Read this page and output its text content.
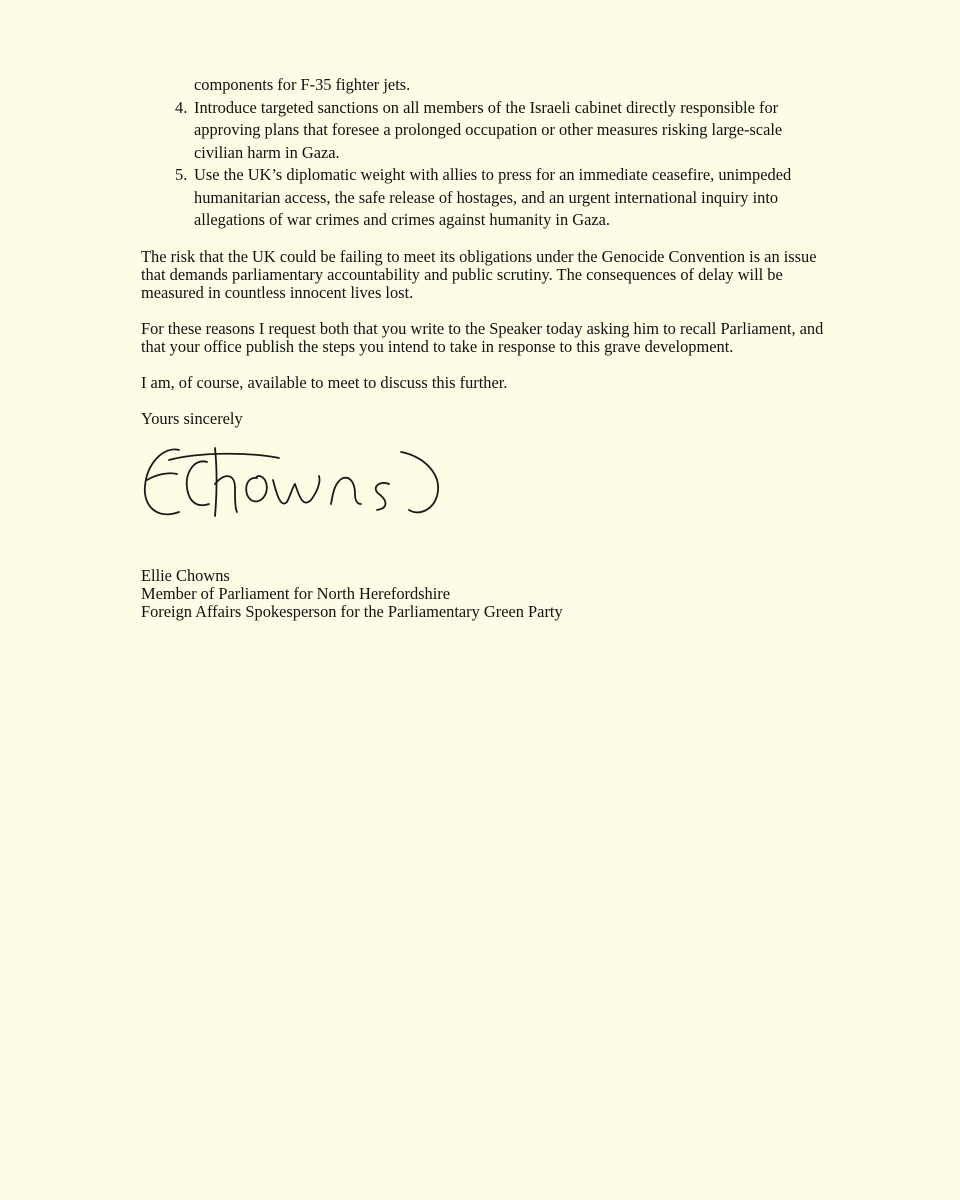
components for F-35 fighter jets.
4. Introduce targeted sanctions on all members of the Israeli cabinet directly responsible for approving plans that foresee a prolonged occupation or other measures risking large-scale civilian harm in Gaza.
5. Use the UK’s diplomatic weight with allies to press for an immediate ceasefire, unimpeded humanitarian access, the safe release of hostages, and an urgent international inquiry into allegations of war crimes and crimes against humanity in Gaza.

The risk that the UK could be failing to meet its obligations under the Genocide Convention is an issue that demands parliamentary accountability and public scrutiny. The consequences of delay will be measured in countless innocent lives lost.

For these reasons I request both that you write to the Speaker today asking him to recall Parliament, and that your office publish the steps you intend to take in response to this grave development.

I am, of course, available to meet to discuss this further.

Yours sincerely

Ellie Chowns

Member of Parliament for North Herefordshire

Foreign Affairs Spokesperson for the Parliamentary Green Party
